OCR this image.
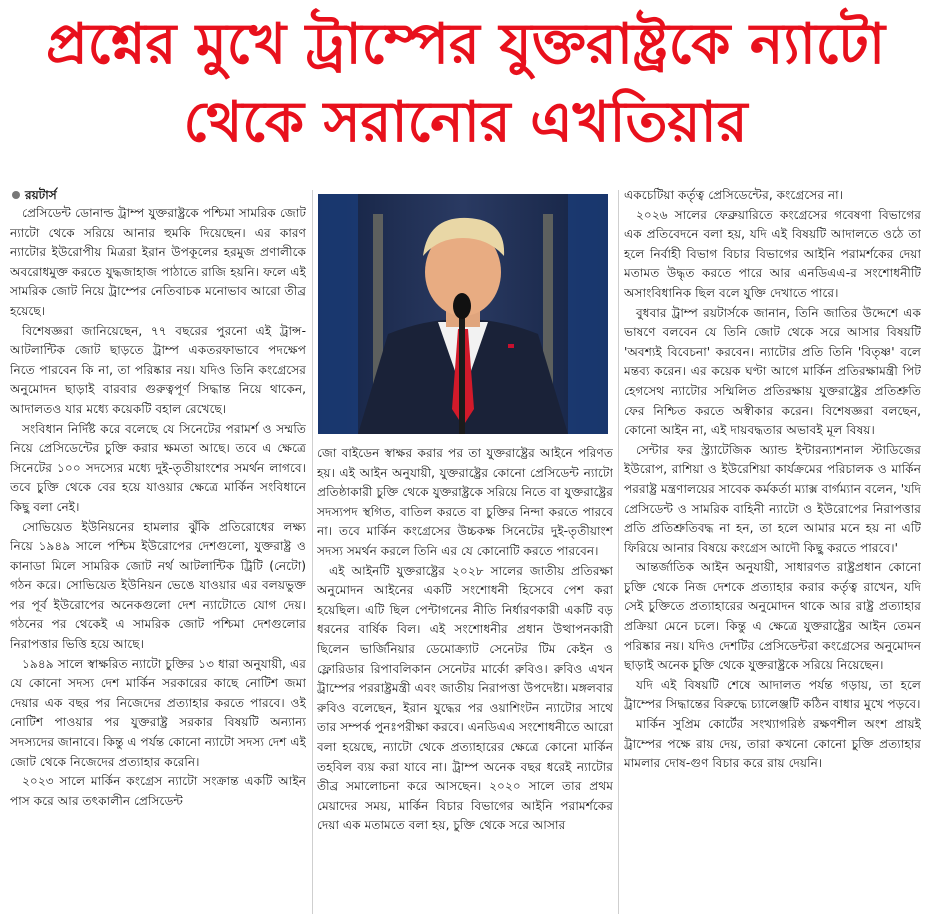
প্রশ্নের মুখে ট্রাম্পের যুক্তরাষ্ট্রকে ন্যাটো
থেকে সরানোর এখতিয়ার
রয়টার্স

প্রেসিডেন্ট ডোনাল্ড ট্রাম্প যুক্তরাষ্ট্রকে পশ্চিমা সামরিক জোট ন্যাটো থেকে সরিয়ে আনার হুমকি দিয়েছেন। এর কারণ ন্যাটোর ইউরোপীয় মিত্ররা ইরান উপকূলের হরমুজ প্রণালীকে অবরোধমুক্ত করতে যুদ্ধজাহাজ পাঠাতে রাজি হয়নি। ফলে এই সামরিক জোট নিয়ে ট্রাম্পের নেতিবাচক মনোভাব আরো তীব্র হয়েছে।

বিশেষজ্ঞরা জানিয়েছেন, ৭৭ বছরের পুরনো এই ট্রান্স-আটলান্টিক জোট ছাড়তে ট্রাম্প একতরফাভাবে পদক্ষেপ নিতে পারবেন কি না, তা পরিষ্কার নয়। যদিও তিনি কংগ্রেসের অনুমোদন ছাড়াই বারবার গুরুত্বপূর্ণ সিদ্ধান্ত নিয়ে থাকেন, আদালতও যার মধ্যে কয়েকটি বহাল রেখেছে।

সংবিধান নির্দিষ্ট করে বলেছে যে সিনেটের পরামর্শ ও সম্মতি নিয়ে প্রেসিডেন্টের চুক্তি করার ক্ষমতা আছে। তবে এ ক্ষেত্রে সিনেটের ১০০ সদস্যের মধ্যে দুই-তৃতীয়াংশের সমর্থন লাগবে। তবে চুক্তি থেকে বের হয়ে যাওয়ার ক্ষেত্রে মার্কিন সংবিধানে কিছু বলা নেই।

সোভিয়েত ইউনিয়নের হামলার ঝুঁকি প্রতিরোধের লক্ষ্য নিয়ে ১৯৪৯ সালে পশ্চিম ইউরোপের দেশগুলো, যুক্তরাষ্ট্র ও কানাডা মিলে সামরিক জোট নর্থ আটলান্টিক ট্রিটি (নেটো) গঠন করে। সোভিয়েত ইউনিয়ন ভেঙে যাওয়ার এর বলয়ভুক্ত পর পূর্ব ইউরোপের অনেকগুলো দেশ ন্যাটোতে যোগ দেয়। গঠনের পর থেকেই এ সামরিক জোট পশ্চিমা দেশগুলোর নিরাপত্তার ভিত্তি হয়ে আছে।

১৯৪৯ সালে স্বাক্ষরিত ন্যাটো চুক্তির ১৩ ধারা অনুযায়ী, এর যে কোনো সদস্য দেশ মার্কিন সরকারের কাছে নোটিশ জমা দেয়ার এক বছর পর নিজেদের প্রত্যাহার করতে পারবে। ওই নোটিশ পাওয়ার পর যুক্তরাষ্ট্র সরকার বিষয়টি অন্যান্য সদস্যদের জানাবে। কিন্তু এ পর্যন্ত কোনো ন্যাটো সদস্য দেশ এই জোট থেকে নিজেদের প্রত্যাহার করেনি।

২০২৩ সালে মার্কিন কংগ্রেস ন্যাটো সংক্রান্ত একটি আইন পাস করে আর তৎকালীন প্রেসিডেন্ট

জো বাইডেন স্বাক্ষর করার পর তা যুক্তরাষ্ট্রের আইনে পরিণত হয়। এই আইন অনুযায়ী, যুক্তরাষ্ট্রের কোনো প্রেসিডেন্ট ন্যাটো প্রতিষ্ঠাকারী চুক্তি থেকে যুক্তরাষ্ট্রকে সরিয়ে নিতে বা যুক্তরাষ্ট্রের সদস্যপদ স্থগিত, বাতিল করতে বা চুক্তির নিন্দা করতে পারবে না। তবে মার্কিন কংগ্রেসের উচ্চকক্ষ সিনেটের দুই-তৃতীয়াংশ সদস্য সমর্থন করলে তিনি এর যে কোনোটি করতে পারবেন।

এই আইনটি যুক্তরাষ্ট্রের ২০২৮ সালের জাতীয় প্রতিরক্ষা অনুমোদন আইনের একটি সংশোধনী হিসেবে পেশ করা হয়েছিল। এটি ছিল পেন্টাগনের নীতি নির্ধারণকারী একটি বড় ধরনের বার্ষিক বিল। এই সংশোধনীর প্রধান উত্থাপনকারী ছিলেন ভার্জিনিয়ার ডেমোক্র্যাট সেনেটর টিম কেইন ও ফ্লোরিডার রিপাবলিকান সেনেটর মার্কো রুবিও। রুবিও এখন ট্রাম্পের পররাষ্ট্রমন্ত্রী এবং জাতীয় নিরাপত্তা উপদেষ্টা। মঙ্গলবার রুবিও বলেছেন, ইরান যুদ্ধের পর ওয়াশিংটন ন্যাটোর সাথে তার সম্পর্ক পুনঃপরীক্ষা করবে। এনডিএএ সংশোধনীতে আরো বলা হয়েছে, ন্যাটো থেকে প্রত্যাহারের ক্ষেত্রে কোনো মার্কিন তহবিল ব্যয় করা যাবে না। ট্রাম্প অনেক বছর ধরেই ন্যাটোর তীব্র সমালোচনা করে আসছেন। ২০২০ সালে তার প্রথম মেয়াদের সময়, মার্কিন বিচার বিভাগের আইনি পরামর্শকের দেয়া এক মতামতে বলা হয়, চুক্তি থেকে সরে আসার

একচেটিয়া কর্তৃত্ব প্রেসিডেন্টের, কংগ্রেসের না।

২০২৬ সালের ফেব্রুয়ারিতে কংগ্রেসের গবেষণা বিভাগের এক প্রতিবেদনে বলা হয়, যদি এই বিষয়টি আদালতে ওঠে তা হলে নির্বাহী বিভাগ বিচার বিভাগের আইনি পরামর্শকের দেয়া মতামত উদ্ধৃত করতে পারে আর এনডিএএ-র সংশোধনীটি অসাংবিধানিক ছিল বলে যুক্তি দেখাতে পারে।

বুধবার ট্রাম্প রয়টার্সকে জানান, তিনি জাতির উদ্দেশে এক ভাষণে বলবেন যে তিনি জোট থেকে সরে আসার বিষয়টি 'অবশ্যই বিবেচনা' করবেন। ন্যাটোর প্রতি তিনি 'বিতৃষ্ণ' বলে মন্তব্য করেন। এর কয়েক ঘণ্টা আগে মার্কিন প্রতিরক্ষামন্ত্রী পিট হেগসেথ ন্যাটোর সম্মিলিত প্রতিরক্ষায় যুক্তরাষ্ট্রের প্রতিশ্রুতি ফের নিশ্চিত করতে অস্বীকার করেন। বিশেষজ্ঞরা বলছেন, কোনো আইন না, এই দায়বদ্ধতার অভাবই মূল বিষয়।

সেন্টার ফর স্ট্র্যাটেজিক অ্যান্ড ইন্টারন্যাশনাল স্টাডিজের ইউরোপ, রাশিয়া ও ইউরেশিয়া কার্যক্রমের পরিচালক ও মার্কিন পররাষ্ট্র মন্ত্রণালয়ের সাবেক কর্মকর্তা ম্যাক্স বার্গম্যান বলেন, 'যদি প্রেসিডেন্ট ও সামরিক বাহিনী ন্যাটো ও ইউরোপের নিরাপত্তার প্রতি প্রতিশ্রুতিবদ্ধ না হন, তা হলে আমার মনে হয় না এটি ফিরিয়ে আনার বিষয়ে কংগ্রেস আদৌ কিছু করতে পারবে।'

আন্তর্জাতিক আইন অনুযায়ী, সাধারণত রাষ্ট্রপ্রধান কোনো চুক্তি থেকে নিজ দেশকে প্রত্যাহার করার কর্তৃত্ব রাখেন, যদি সেই চুক্তিতে প্রত্যাহারের অনুমোদন থাকে আর রাষ্ট্র প্রত্যাহার প্রক্রিয়া মেনে চলে। কিন্তু এ ক্ষেত্রে যুক্তরাষ্ট্রের আইন তেমন পরিষ্কার নয়। যদিও দেশটির প্রেসিডেন্টরা কংগ্রেসের অনুমোদন ছাড়াই অনেক চুক্তি থেকে যুক্তরাষ্ট্রকে সরিয়ে নিয়েছেন।

যদি এই বিষয়টি শেষে আদালত পর্যন্ত গড়ায়, তা হলে ট্রাম্পের সিদ্ধান্তের বিরুদ্ধে চ্যালেঞ্জটি কঠিন বাধার মুখে পড়বে।

মার্কিন সুপ্রিম কোর্টের সংখ্যাগরিষ্ঠ রক্ষণশীল অংশ প্রায়ই ট্রাম্পের পক্ষে রায় দেয়, তারা কখনো কোনো চুক্তি প্রত্যাহার মামলার দোষ-গুণ বিচার করে রায় দেয়নি।
